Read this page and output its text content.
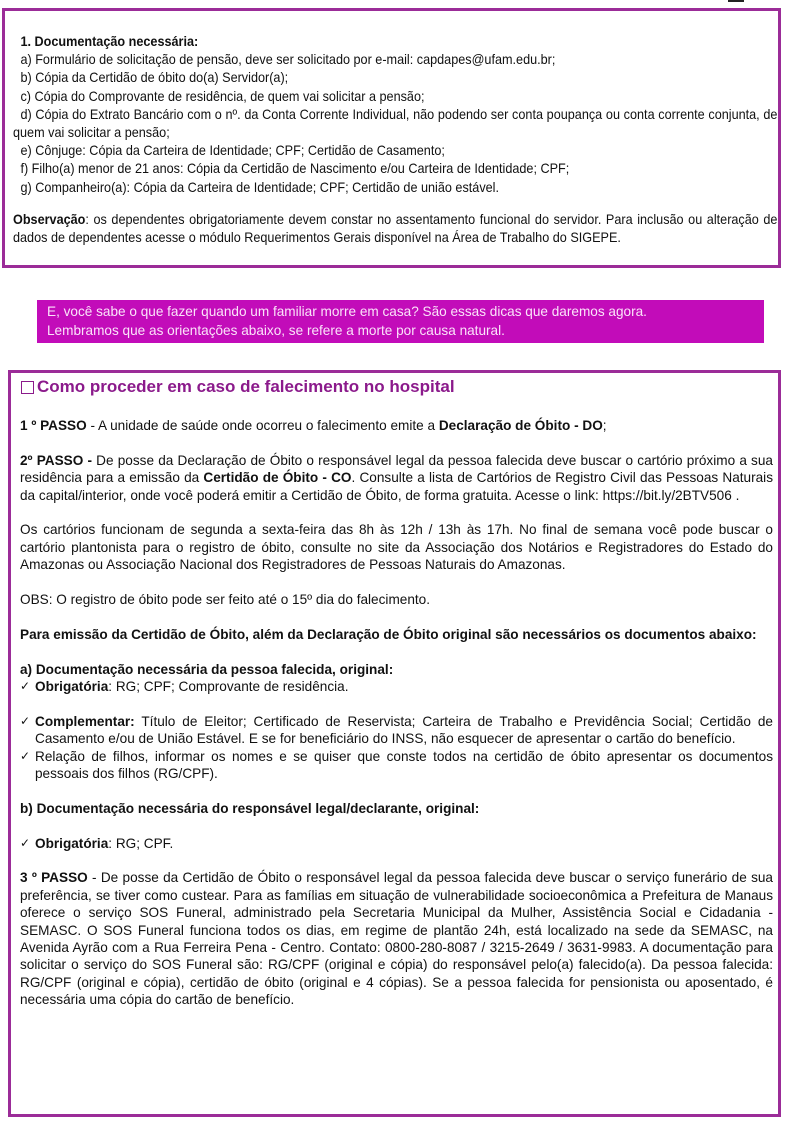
1. Documentação necessária:
a) Formulário de solicitação de pensão, deve ser solicitado por e-mail: capdapes@ufam.edu.br;
b) Cópia da Certidão de óbito do(a) Servidor(a);
c) Cópia do Comprovante de residência, de quem vai solicitar a pensão;
d) Cópia do Extrato Bancário com o nº. da Conta Corrente Individual, não podendo ser conta poupança ou conta corrente conjunta, de quem vai solicitar a pensão;
e) Cônjuge: Cópia da Carteira de Identidade; CPF; Certidão de Casamento;
f) Filho(a) menor de 21 anos: Cópia da Certidão de Nascimento e/ou Carteira de Identidade; CPF;
g) Companheiro(a): Cópia da Carteira de Identidade; CPF; Certidão de união estável.
Observação: os dependentes obrigatoriamente devem constar no assentamento funcional do servidor. Para inclusão ou alteração de dados de dependentes acesse o módulo Requerimentos Gerais disponível na Área de Trabalho do SIGEPE.
E, você sabe o que fazer quando um familiar morre em casa? São essas dicas que daremos agora.
Lembramos que as orientações abaixo, se refere a morte por causa natural.
Como proceder em caso de falecimento no hospital

1 º PASSO - A unidade de saúde onde ocorreu o falecimento emite a Declaração de Óbito - DO;

2º PASSO - De posse da Declaração de Óbito o responsável legal da pessoa falecida deve buscar o cartório próximo a sua residência para a emissão da Certidão de Óbito - CO. Consulte a lista de Cartórios de Registro Civil das Pessoas Naturais da capital/interior, onde você poderá emitir a Certidão de Óbito, de forma gratuita. Acesse o link: https://bit.ly/2BTV506 .

Os cartórios funcionam de segunda a sexta-feira das 8h às 12h / 13h às 17h. No final de semana você pode buscar o cartório plantonista para o registro de óbito, consulte no site da Associação dos Notários e Registradores do Estado do Amazonas ou Associação Nacional dos Registradores de Pessoas Naturais do Amazonas.

OBS: O registro de óbito pode ser feito até o 15º dia do falecimento.

Para emissão da Certidão de Óbito, além da Declaração de Óbito original são necessários os documentos abaixo:

a) Documentação necessária da pessoa falecida, original:
✓ Obrigatória: RG; CPF; Comprovante de residência.
✓ Complementar: Título de Eleitor; Certificado de Reservista; Carteira de Trabalho e Previdência Social; Certidão de Casamento e/ou de União Estável. E se for beneficiário do INSS, não esquecer de apresentar o cartão do benefício.
✓ Relação de filhos, informar os nomes e se quiser que conste todos na certidão de óbito apresentar os documentos pessoais dos filhos (RG/CPF).

b) Documentação necessária do responsável legal/declarante, original:

✓ Obrigatória: RG; CPF.

3 º PASSO - De posse da Certidão de Óbito o responsável legal da pessoa falecida deve buscar o serviço funerário de sua preferência, se tiver como custear. Para as famílias em situação de vulnerabilidade socioeconômica a Prefeitura de Manaus oferece o serviço SOS Funeral, administrado pela Secretaria Municipal da Mulher, Assistência Social e Cidadania - SEMASC. O SOS Funeral funciona todos os dias, em regime de plantão 24h, está localizado na sede da SEMASC, na Avenida Ayrão com a Rua Ferreira Pena - Centro. Contato: 0800-280-8087 / 3215-2649 / 3631-9983. A documentação para solicitar o serviço do SOS Funeral são: RG/CPF (original e cópia) do responsável pelo(a) falecido(a). Da pessoa falecida: RG/CPF (original e cópia), certidão de óbito (original e 4 cópias). Se a pessoa falecida for pensionista ou aposentado, é necessária uma cópia do cartão de benefício.
